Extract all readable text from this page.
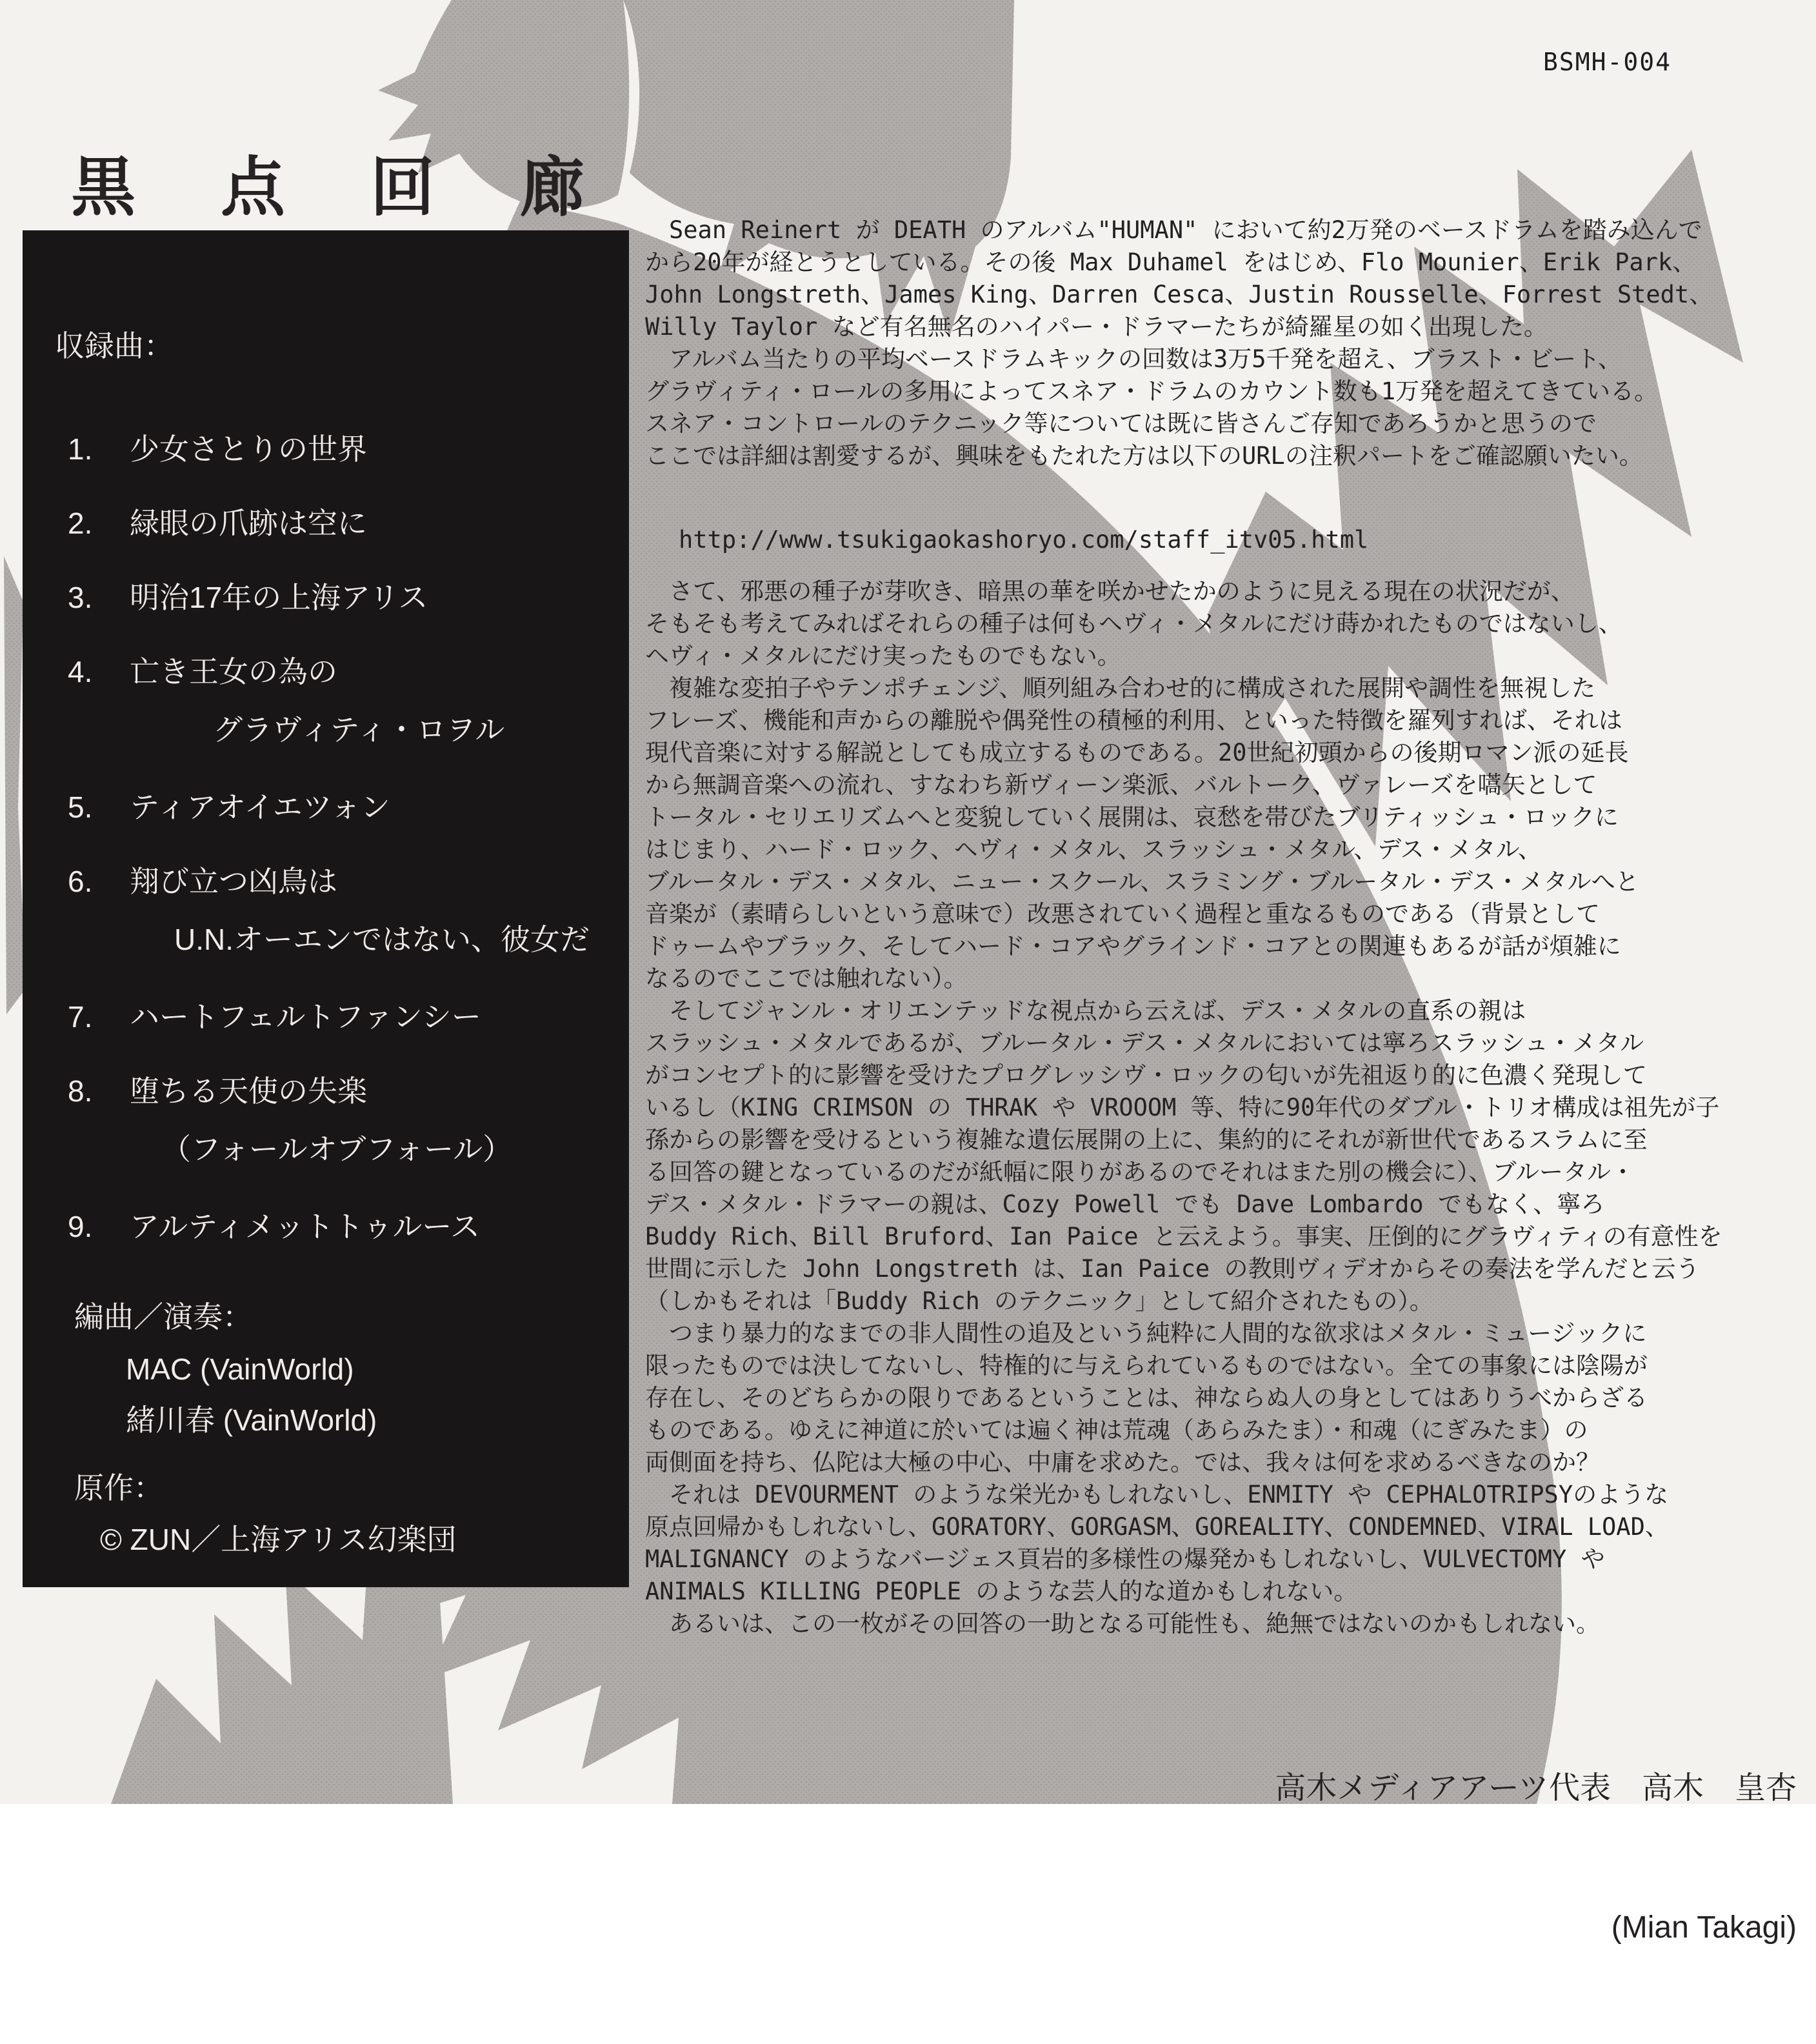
BSMH-004
黒　点　回　廊
収録曲：
1. 少女さとりの世界
2. 緑眼の爪跡は空に
3. 明治17年の上海アリス
4. 亡き王女の為の
グラヴィティ・ロヲル
5. ティアオイエツォン
6. 翔び立つ凶鳥は
U.N.オーエンではない、彼女だ
7. ハートフェルトファンシー
8. 堕ちる天使の失楽
（フォールオブフォール）
9. アルティメットトゥルース
編曲／演奏：
MAC (VainWorld)
緒川春 (VainWorld)
原作：
© ZUN／上海アリス幻楽団
　Sean Reinert が DEATH のアルバム"HUMAN" において約2万発のベースドラムを踏み込んで
から20年が経とうとしている。その後 Max Duhamel をはじめ、Flo Mounier、Erik Park、
John Longstreth、James King、Darren Cesca、Justin Rousselle、Forrest Stedt、
Willy Taylor など有名無名のハイパー・ドラマーたちが綺羅星の如く出現した。
　アルバム当たりの平均ベースドラムキックの回数は3万5千発を超え、ブラスト・ビート、
グラヴィティ・ロールの多用によってスネア・ドラムのカウント数も1万発を超えてきている。
スネア・コントロールのテクニック等については既に皆さんご存知であろうかと思うので
ここでは詳細は割愛するが、興味をもたれた方は以下のURLの注釈パートをご確認願いたい。
http://www.tsukigaokashoryo.com/staff_itv05.html
　さて、邪悪の種子が芽吹き、暗黒の華を咲かせたかのように見える現在の状況だが、
そもそも考えてみればそれらの種子は何もヘヴィ・メタルにだけ蒔かれたものではないし、
ヘヴィ・メタルにだけ実ったものでもない。
　複雑な変拍子やテンポチェンジ、順列組み合わせ的に構成された展開や調性を無視した
フレーズ、機能和声からの離脱や偶発性の積極的利用、といった特徴を羅列すれば、それは
現代音楽に対する解説としても成立するものである。20世紀初頭からの後期ロマン派の延長
から無調音楽への流れ、すなわち新ヴィーン楽派、バルトーク、ヴァレーズを嚆矢として
トータル・セリエリズムへと変貌していく展開は、哀愁を帯びたブリティッシュ・ロックに
はじまり、ハード・ロック、ヘヴィ・メタル、スラッシュ・メタル、デス・メタル、
ブルータル・デス・メタル、ニュー・スクール、スラミング・ブルータル・デス・メタルへと
音楽が（素晴らしいという意味で）改悪されていく過程と重なるものである（背景として
ドゥームやブラック、そしてハード・コアやグラインド・コアとの関連もあるが話が煩雑に
なるのでここでは触れない）。
　そしてジャンル・オリエンテッドな視点から云えば、デス・メタルの直系の親は
スラッシュ・メタルであるが、ブルータル・デス・メタルにおいては寧ろスラッシュ・メタル
がコンセプト的に影響を受けたプログレッシヴ・ロックの匂いが先祖返り的に色濃く発現して
いるし（KING CRIMSON の THRAK や VROOOM 等、特に90年代のダブル・トリオ構成は祖先が子
孫からの影響を受けるという複雑な遺伝展開の上に、集約的にそれが新世代であるスラムに至
る回答の鍵となっているのだが紙幅に限りがあるのでそれはまた別の機会に）、ブルータル・
デス・メタル・ドラマーの親は、Cozy Powell でも Dave Lombardo でもなく、寧ろ
Buddy Rich、Bill Bruford、Ian Paice と云えよう。事実、圧倒的にグラヴィティの有意性を
世間に示した John Longstreth は、Ian Paice の教則ヴィデオからその奏法を学んだと云う
（しかもそれは「Buddy Rich のテクニック」として紹介されたもの）。
　つまり暴力的なまでの非人間性の追及という純粋に人間的な欲求はメタル・ミュージックに
限ったものでは決してないし、特権的に与えられているものではない。全ての事象には陰陽が
存在し、そのどちらかの限りであるということは、神ならぬ人の身としてはありうべからざる
ものである。ゆえに神道に於いては遍く神は荒魂（あらみたま）・和魂（にぎみたま）の
両側面を持ち、仏陀は大極の中心、中庸を求めた。では、我々は何を求めるべきなのか？
　それは DEVOURMENT のような栄光かもしれないし、ENMITY や CEPHALOTRIPSYのような
原点回帰かもしれないし、GORATORY、GORGASM、GOREALITY、CONDEMNED、VIRAL LOAD、
MALIGNANCY のようなバージェス頁岩的多様性の爆発かもしれないし、VULVECTOMY や
ANIMALS KILLING PEOPLE のような芸人的な道かもしれない。
　あるいは、この一枚がその回答の一助となる可能性も、絶無ではないのかもしれない。

高木メディアアーツ代表　高木　皇杏

(Mian Takagi)
